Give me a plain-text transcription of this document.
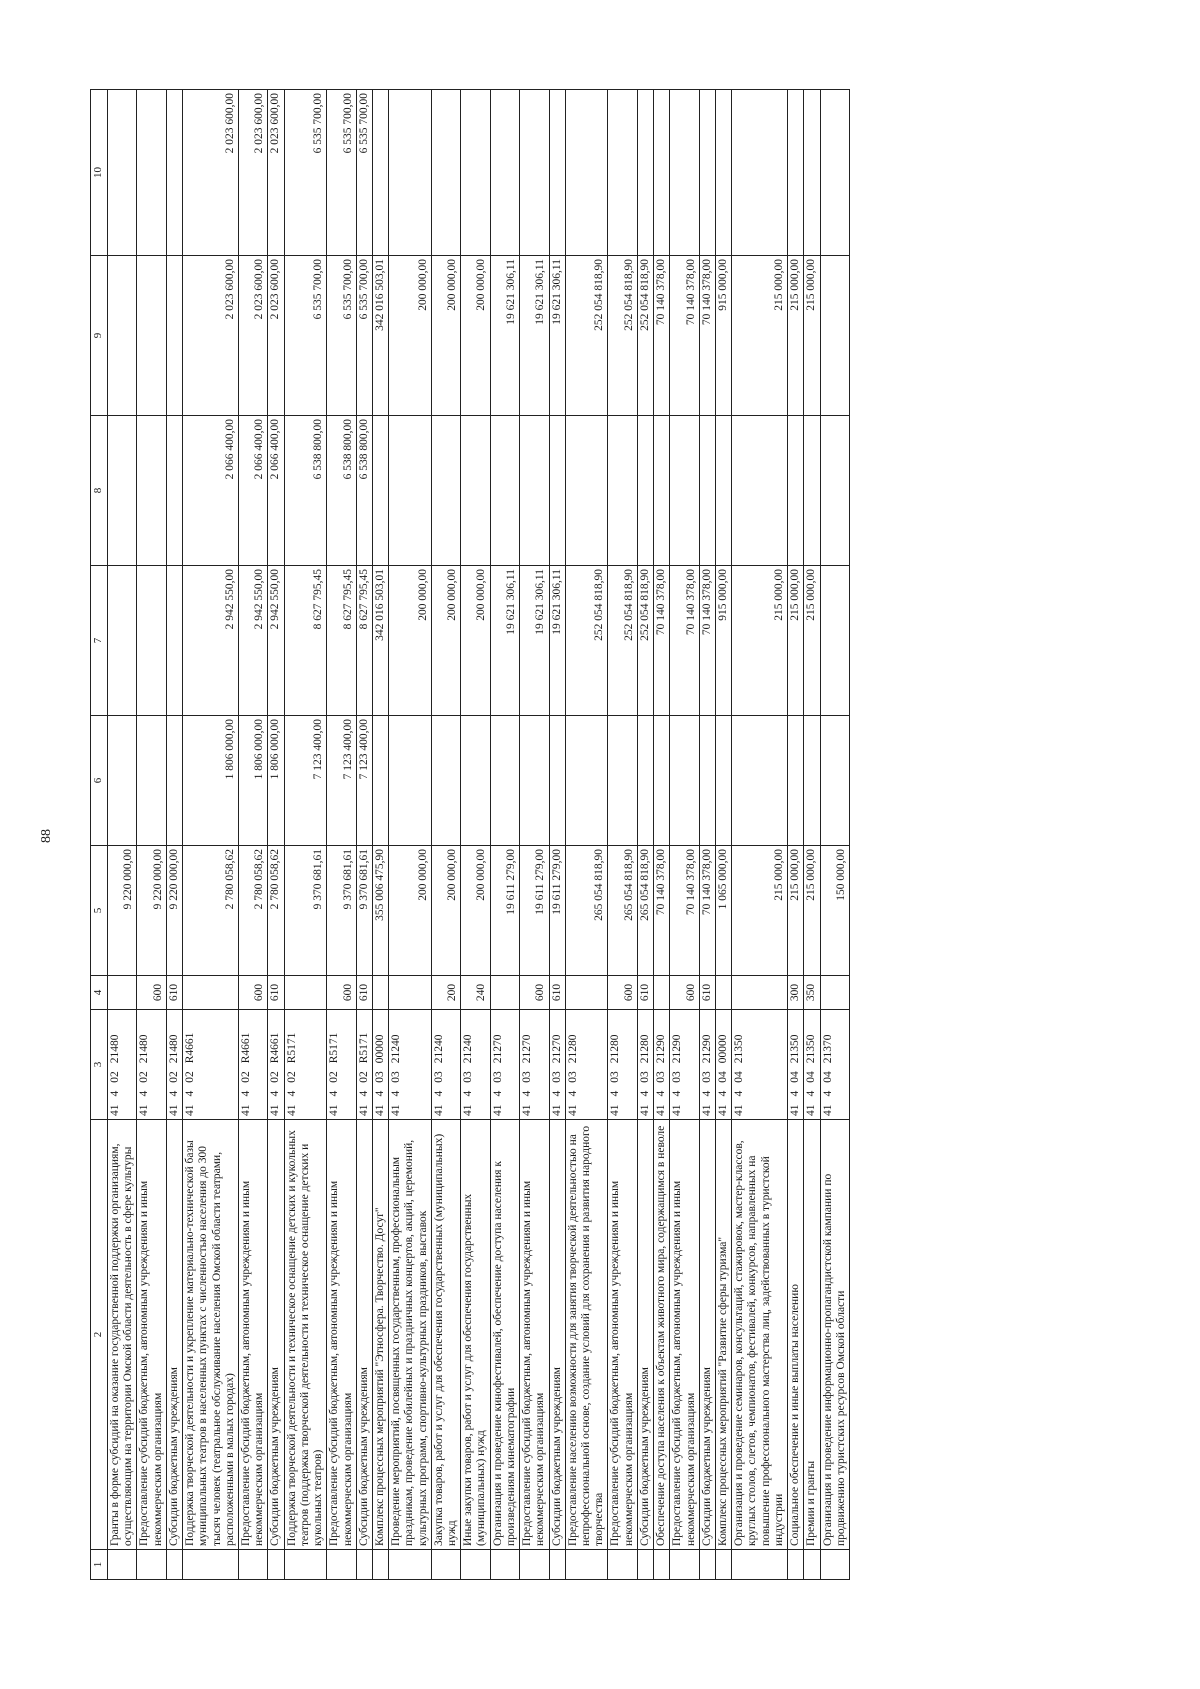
88
1	2	3	4	5	6	7	8	9	10
	Гранты в форме субсидий на оказание государственной поддержки организациям, осуществляющим на территории Омской области деятельность в сфере культуры	4140221480		9 220 000,00					
	Предоставление субсидий бюджетным, автономным учреждениям и иным некоммерческим организациям	4140221480	600	9 220 000,00					
	Субсидии бюджетным учреждениям	4140221480	610	9 220 000,00					
	Поддержка творческой деятельности и укрепление материально-технической базы муниципальных театров в населенных пунктах с численностью населения до 300 тысяч человек (театральное обслуживание населения Омской области театрами, расположенными в малых городах)	41402R4661		2 780 058,62	1 806 000,00	2 942 550,00	2 066 400,00	2 023 600,00	2 023 600,00
	Предоставление субсидий бюджетным, автономным учреждениям и иным некоммерческим организациям	41402R4661	600	2 780 058,62	1 806 000,00	2 942 550,00	2 066 400,00	2 023 600,00	2 023 600,00
	Субсидии бюджетным учреждениям	41402R4661	610	2 780 058,62	1 806 000,00	2 942 550,00	2 066 400,00	2 023 600,00	2 023 600,00
	Поддержка творческой деятельности и техническое оснащение детских и кукольных театров (поддержка творческой деятельности и техническое оснащение детских и кукольных театров)	41402R5171		9 370 681,61	7 123 400,00	8 627 795,45	6 538 800,00	6 535 700,00	6 535 700,00
	Предоставление субсидий бюджетным, автономным учреждениям и иным некоммерческим организациям	41402R5171	600	9 370 681,61	7 123 400,00	8 627 795,45	6 538 800,00	6 535 700,00	6 535 700,00
	Субсидии бюджетным учреждениям	41402R5171	610	9 370 681,61	7 123 400,00	8 627 795,45	6 538 800,00	6 535 700,00	6 535 700,00
	Комплекс процессных мероприятий "Этносфера. Творчество. Досуг"	4140300000		355 006 475,90		342 016 503,01		342 016 503,01	
	Проведение мероприятий, посвященных государственным, профессиональным праздникам, проведение юбилейных и праздничных концертов, акций, церемоний, культурных программ, спортивно-культурных праздников, выставок	4140321240		200 000,00		200 000,00		200 000,00	
	Закупка товаров, работ и услуг для обеспечения государственных (муниципальных) нужд	4140321240	200	200 000,00		200 000,00		200 000,00	
	Иные закупки товаров, работ и услуг для обеспечения государственных (муниципальных) нужд	4140321240	240	200 000,00		200 000,00		200 000,00	
	Организация и проведение кинофестивалей, обеспечение доступа населения к произведениям кинематографии	4140321270		19 611 279,00		19 621 306,11		19 621 306,11	
	Предоставление субсидий бюджетным, автономным учреждениям и иным некоммерческим организациям	4140321270	600	19 611 279,00		19 621 306,11		19 621 306,11	
	Субсидии бюджетным учреждениям	4140321270	610	19 611 279,00		19 621 306,11		19 621 306,11	
	Предоставление населению возможности для занятия творческой деятельностью на непрофессиональной основе, создание условий для сохранения и развития народного творчества	4140321280		265 054 818,90		252 054 818,90		252 054 818,90	
	Предоставление субсидий бюджетным, автономным учреждениям и иным некоммерческим организациям	4140321280	600	265 054 818,90		252 054 818,90		252 054 818,90	
	Субсидии бюджетным учреждениям	4140321280	610	265 054 818,90		252 054 818,90		252 054 818,90	
	Обеспечение доступа населения к объектам животного мира, содержащимся в неволе	4140321290		70 140 378,00		70 140 378,00		70 140 378,00	
	Предоставление субсидий бюджетным, автономным учреждениям и иным некоммерческим организациям	4140321290	600	70 140 378,00		70 140 378,00		70 140 378,00	
	Субсидии бюджетным учреждениям	4140321290	610	70 140 378,00		70 140 378,00		70 140 378,00	
	Комплекс процессных мероприятий "Развитие сферы туризма"	4140400000		1 065 000,00		915 000,00		915 000,00	
	Организация и проведение семинаров, консультаций, стажировок, мастер-классов, круглых столов, слетов, чемпионатов, фестивалей, конкурсов, направленных на повышение профессионального мастерства лиц, задействованных в туристской индустрии	4140421350		215 000,00		215 000,00		215 000,00	
	Социальное обеспечение и иные выплаты населению	4140421350	300	215 000,00		215 000,00		215 000,00	
	Премии и гранты	4140421350	350	215 000,00		215 000,00		215 000,00	
	Организация и проведение информационно-пропагандистской кампании по продвижению туристских ресурсов Омской области	4140421370		150 000,00					
